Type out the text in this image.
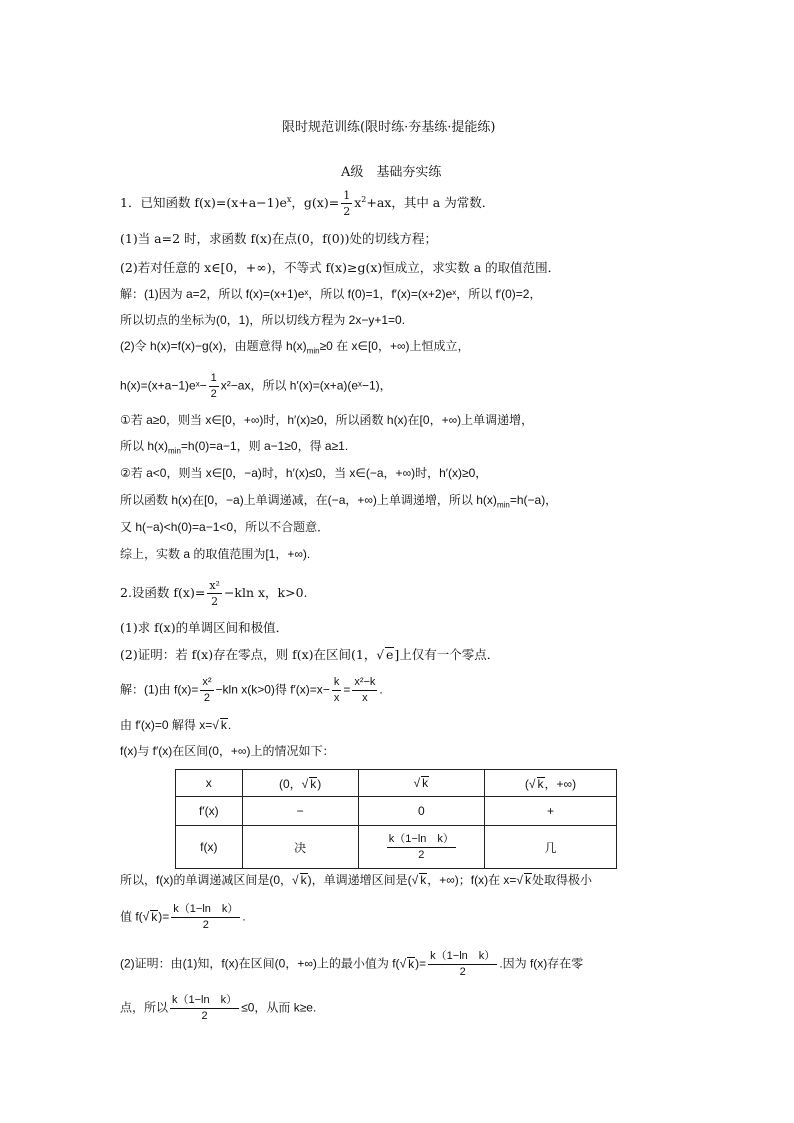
限时规范训练(限时练·夯基练·提能练)
A级　基础夯实练
1．已知函数 $f(x)=(x+a-1)e^x$，$g(x)= \frac{1}{2} x^2+ax$，其中 a 为常数．
(1)当 a=2 时，求函数 f(x)在点(0，f(0))处的切线方程；
(2)若对任意的 x∈[0，+∞)，不等式 f(x)≥g(x)恒成立，求实数 a 的取值范围．
解：(1)因为 a=2，所以 f(x)=(x+1)eˣ，所以 f(0)=1，f′(x)=(x+2)eˣ，所以 f′(0)=2，
所以切点的坐标为(0，1)，所以切线方程为 2x−y+1=0.
(2)令 h(x)=f(x)−g(x)，由题意得 $h(x)_{min}\ge 0$ 在 x∈[0，+∞)上恒成立，
h(x)=(x+a−1)eˣ− $\frac{1}{2} x^2-ax$，所以 h′(x)=(x+a)(eˣ−1)，
①若 a≥0，则当 x∈[0，+∞)时，h′(x)≥0，所以函数 h(x)在[0，+∞)上单调递增，
所以 $h(x)_{min}=h(0)=a-1$，则 a−1≥0，得 a≥1.
②若 a<0，则当 x∈[0，−a)时，h′(x)≤0，当 x∈(−a，+∞)时，h′(x)≥0，
所以函数 h(x)在[0，−a)上单调递减，在(−a，+∞)上单调递增，所以 $h(x)_{min}=h(-a)$，
又 h(−a)<h(0)=a−1<0，所以不合题意．
综上，实数 a 的取值范围为[1，+∞).
2.设函数 $f(x)= \frac{\text{x²}}{2} -kln$ x，k>0.
(1)求 f(x)的单调区间和极值．
(2)证明：若 f(x)存在零点，则 f(x)在区间(1，√ e]上仅有一个零点．
解：(1)由 $f(x)= \frac{\text{x²}}{2} -kln$ x(k>0)得 $f'(x)=x- \frac{k}{x} = \frac{\text{x²−k}}{x}$ .
由 f′(x)=0 解得 x=√ k.
f(x)与 f′(x)在区间(0，+∞)上的情况如下：
x	(0，√ k)	√ k	(√ k，+∞)
f′(x)	−	0	+
f(x)	决	$\frac{\text{k（1−ln　k）}}{2}$	几
所以，f(x)的单调递减区间是(0，√ k)，单调递增区间是(√ k，+∞)；f(x)在 x=√ k处取得极小
值 f(√ $k)= \frac{\text{k（1−ln　k）}}{2}$ .
(2)证明：由(1)知，f(x)在区间(0，+∞)上的最小值为 f(√ $k)= \frac{\text{k（1−ln　k）}}{2}$ .因为 f(x)存在零
点，所以 $\frac{\text{k（1−ln　k）}}{2} \le 0$，从而 k≥e.
